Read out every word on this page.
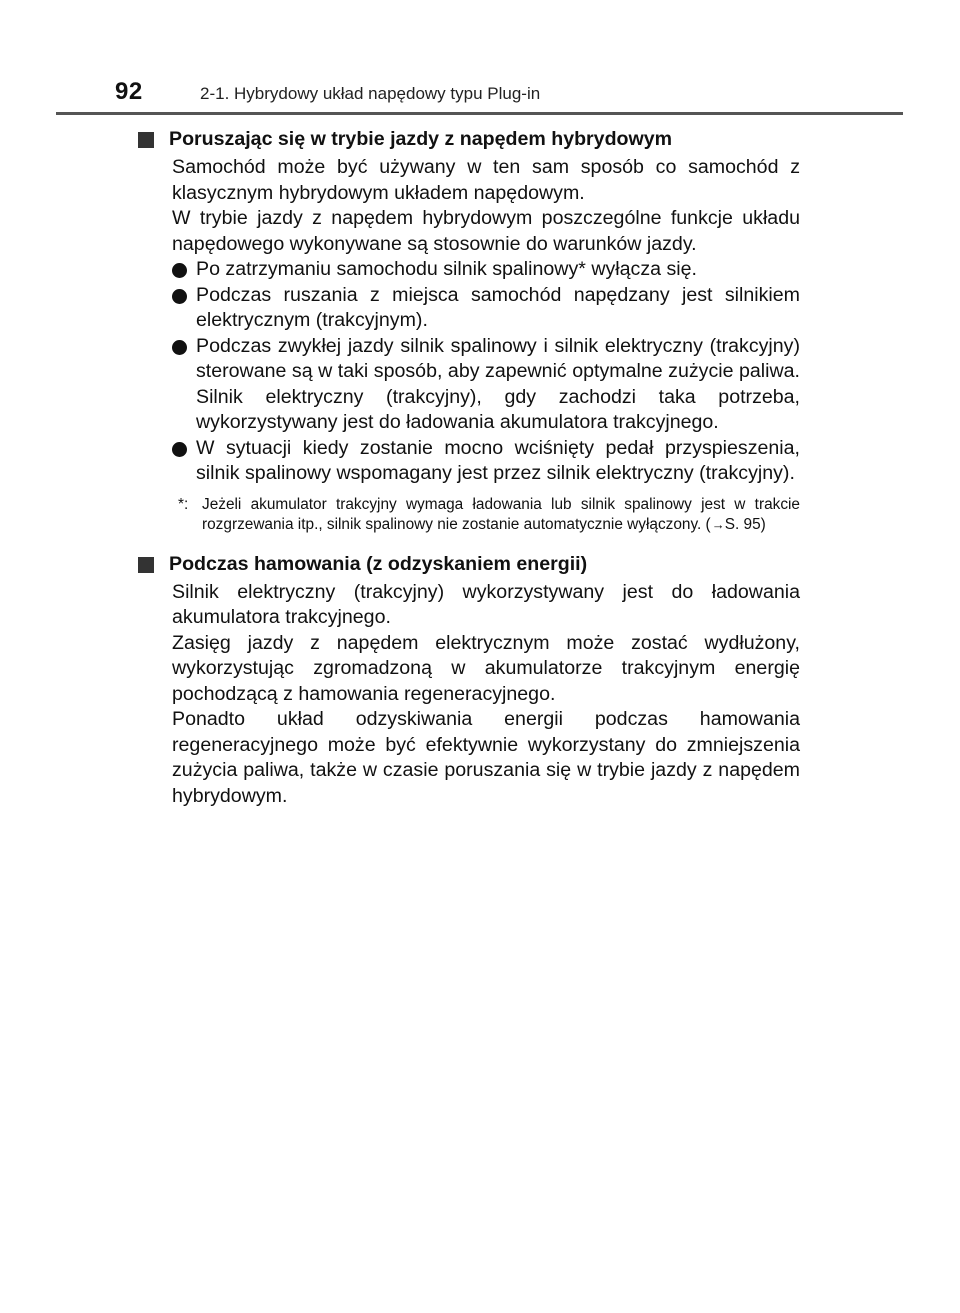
92	2-1. Hybrydowy układ napędowy typu Plug-in
Poruszając się w trybie jazdy z napędem hybrydowym

Samochód może być używany w ten sam sposób co samochód z klasycznym hybrydowym układem napędowym.

W trybie jazdy z napędem hybrydowym poszczególne funkcje układu napędowego wykonywane są stosownie do warunków jazdy.

Po zatrzymaniu samochodu silnik spalinowy* wyłącza się.
Podczas ruszania z miejsca samochód napędzany jest silnikiem elektrycznym (trakcyjnym).
Podczas zwykłej jazdy silnik spalinowy i silnik elektryczny (trakcyjny) sterowane są w taki sposób, aby zapewnić optymalne zużycie paliwa. Silnik elektryczny (trakcyjny), gdy zachodzi taka potrzeba, wykorzystywany jest do ładowania akumulatora trakcyjnego.
W sytuacji kiedy zostanie mocno wciśnięty pedał przyspieszenia, silnik spalinowy wspomagany jest przez silnik elektryczny (trakcyjny).
*: Jeżeli akumulator trakcyjny wymaga ładowania lub silnik spalinowy jest w trakcie rozgrzewania itp., silnik spalinowy nie zostanie automatycznie wyłączony. (→S. 95)
Podczas hamowania (z odzyskaniem energii)

Silnik elektryczny (trakcyjny) wykorzystywany jest do ładowania akumulatora trakcyjnego.

Zasięg jazdy z napędem elektrycznym może zostać wydłużony, wykorzystując zgromadzoną w akumulatorze trakcyjnym energię pochodzącą z hamowania regeneracyjnego.

Ponadto układ odzyskiwania energii podczas hamowania regeneracyjnego może być efektywnie wykorzystany do zmniejszenia zużycia paliwa, także w czasie poruszania się w trybie jazdy z napędem hybrydowym.
